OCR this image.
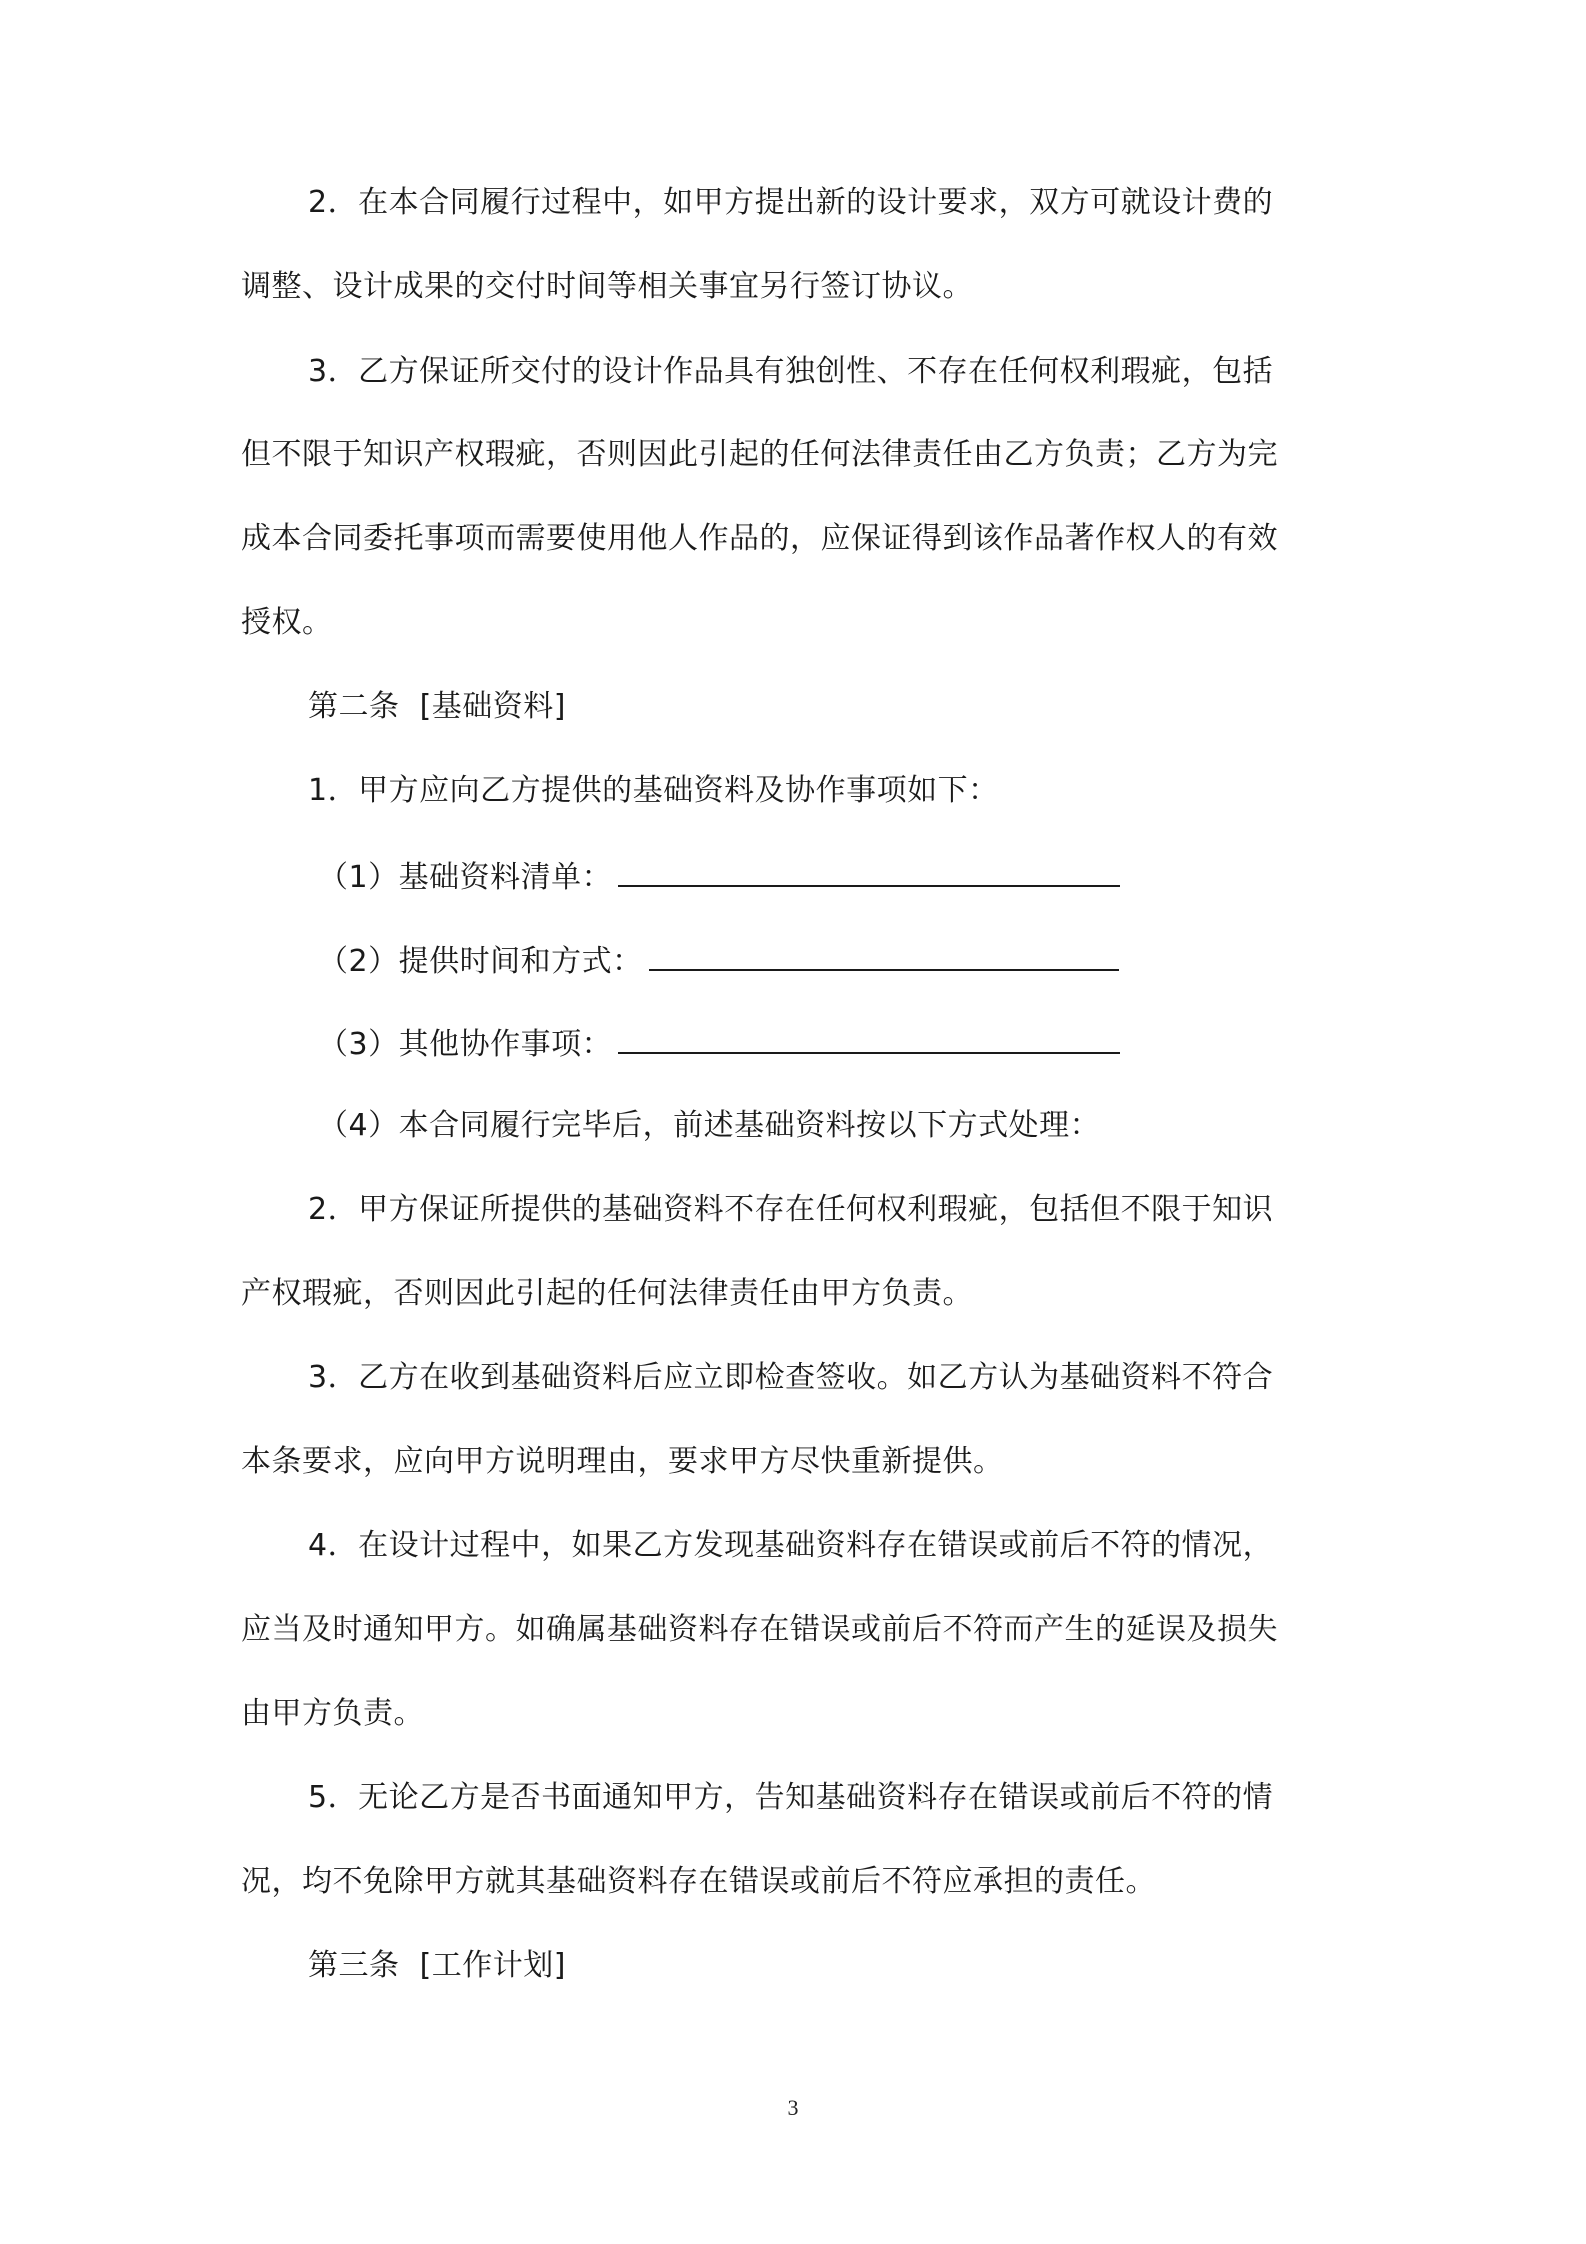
2．在本合同履行过程中，如甲方提出新的设计要求，双方可就设计费的
调整、设计成果的交付时间等相关事宜另行签订协议。
3．乙方保证所交付的设计作品具有独创性、不存在任何权利瑕疵，包括
但不限于知识产权瑕疵，否则因此引起的任何法律责任由乙方负责；乙方为完
成本合同委托事项而需要使用他人作品的，应保证得到该作品著作权人的有效
授权。
第二条  [基础资料]
1．甲方应向乙方提供的基础资料及协作事项如下：
（1）基础资料清单：
（2）提供时间和方式：
（3）其他协作事项：
（4）本合同履行完毕后，前述基础资料按以下方式处理：
2．甲方保证所提供的基础资料不存在任何权利瑕疵，包括但不限于知识
产权瑕疵，否则因此引起的任何法律责任由甲方负责。
3．乙方在收到基础资料后应立即检查签收。如乙方认为基础资料不符合
本条要求，应向甲方说明理由，要求甲方尽快重新提供。
4．在设计过程中，如果乙方发现基础资料存在错误或前后不符的情况，
应当及时通知甲方。如确属基础资料存在错误或前后不符而产生的延误及损失
由甲方负责。
5．无论乙方是否书面通知甲方，告知基础资料存在错误或前后不符的情
况，均不免除甲方就其基础资料存在错误或前后不符应承担的责任。
第三条  [工作计划]
3
